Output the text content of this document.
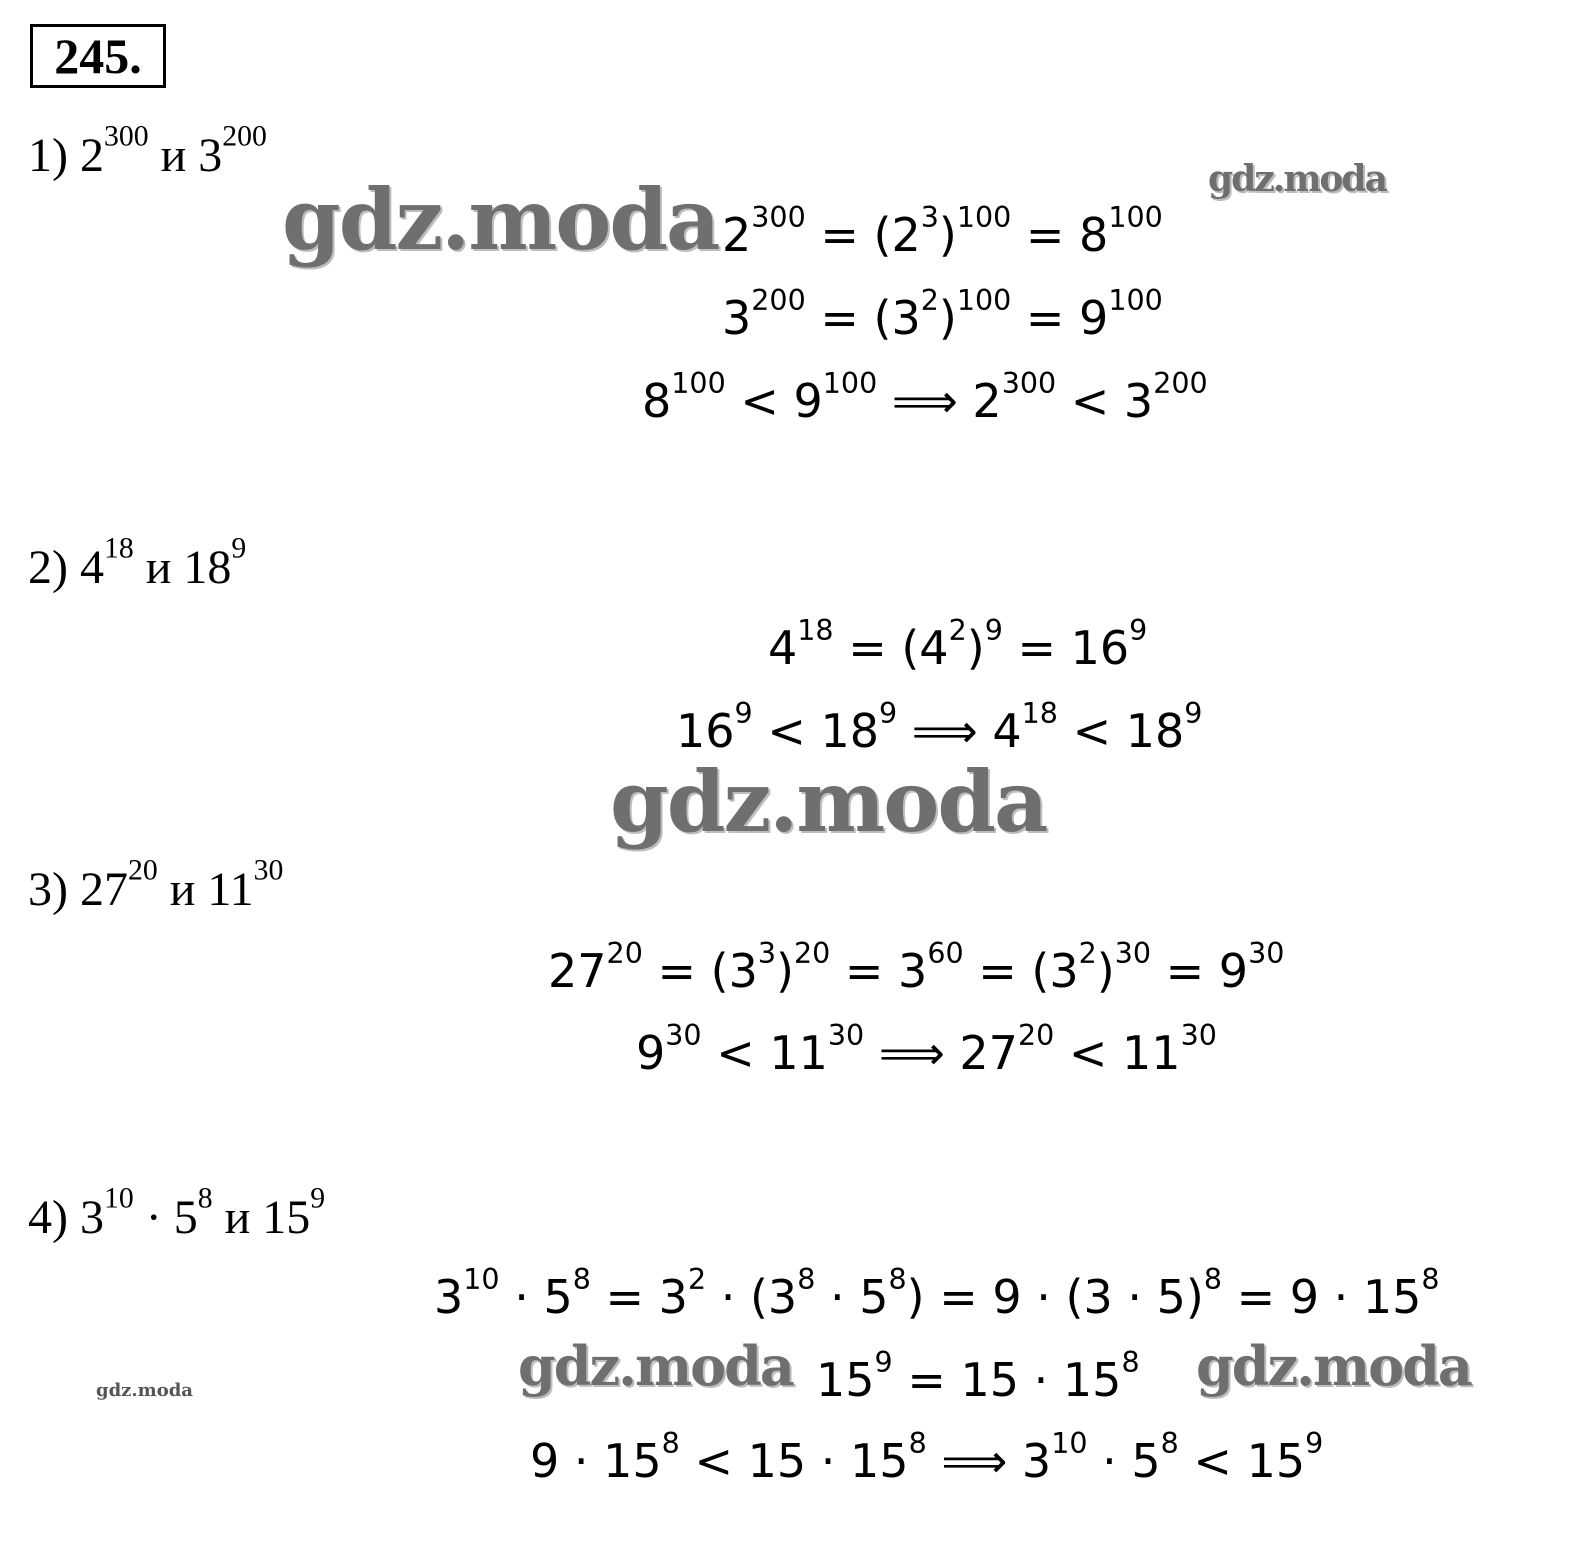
245.
1) $2^{300}$ и $3^{200}$
$2^{300} = (2^3)^{100} = 8^{100}$
$3^{200} = (3^2)^{100} = 9^{100}$
$8^{100} < 9^{100}$ ⟹ $2^{300} < 3^{200}$
2) $4^{18}$ и $18^9$
$4^{18} = (4^2)^9 = 16^9$
$16^9 < 18^9$ ⟹ $4^{18} < 18^9$
3) $27^{20}$ и $11^{30}$
$27^{20} = (3^3)^{20} = 3^{60} = (3^2)^{30} = 9^{30}$
$9^{30} < 11^{30}$ ⟹ $27^{20} < 11^{30}$
4) $3^{10} \cdot 5^8$ и $15^9$
$3^{10} \cdot 5^8 = 3^2 \cdot (3^8 \cdot 5^8) = 9 \cdot (3 \cdot 5)^8 = 9 \cdot 15^8$
$15^9 = 15 \cdot 15^8$
$9 \cdot 15^8 < 15 \cdot 15^8$ ⟹ $3^{10} \cdot 5^8 < 15^9$
gdz.moda	gdz.moda
gdz.moda
gdz.moda	gdz.moda
gdz.moda
